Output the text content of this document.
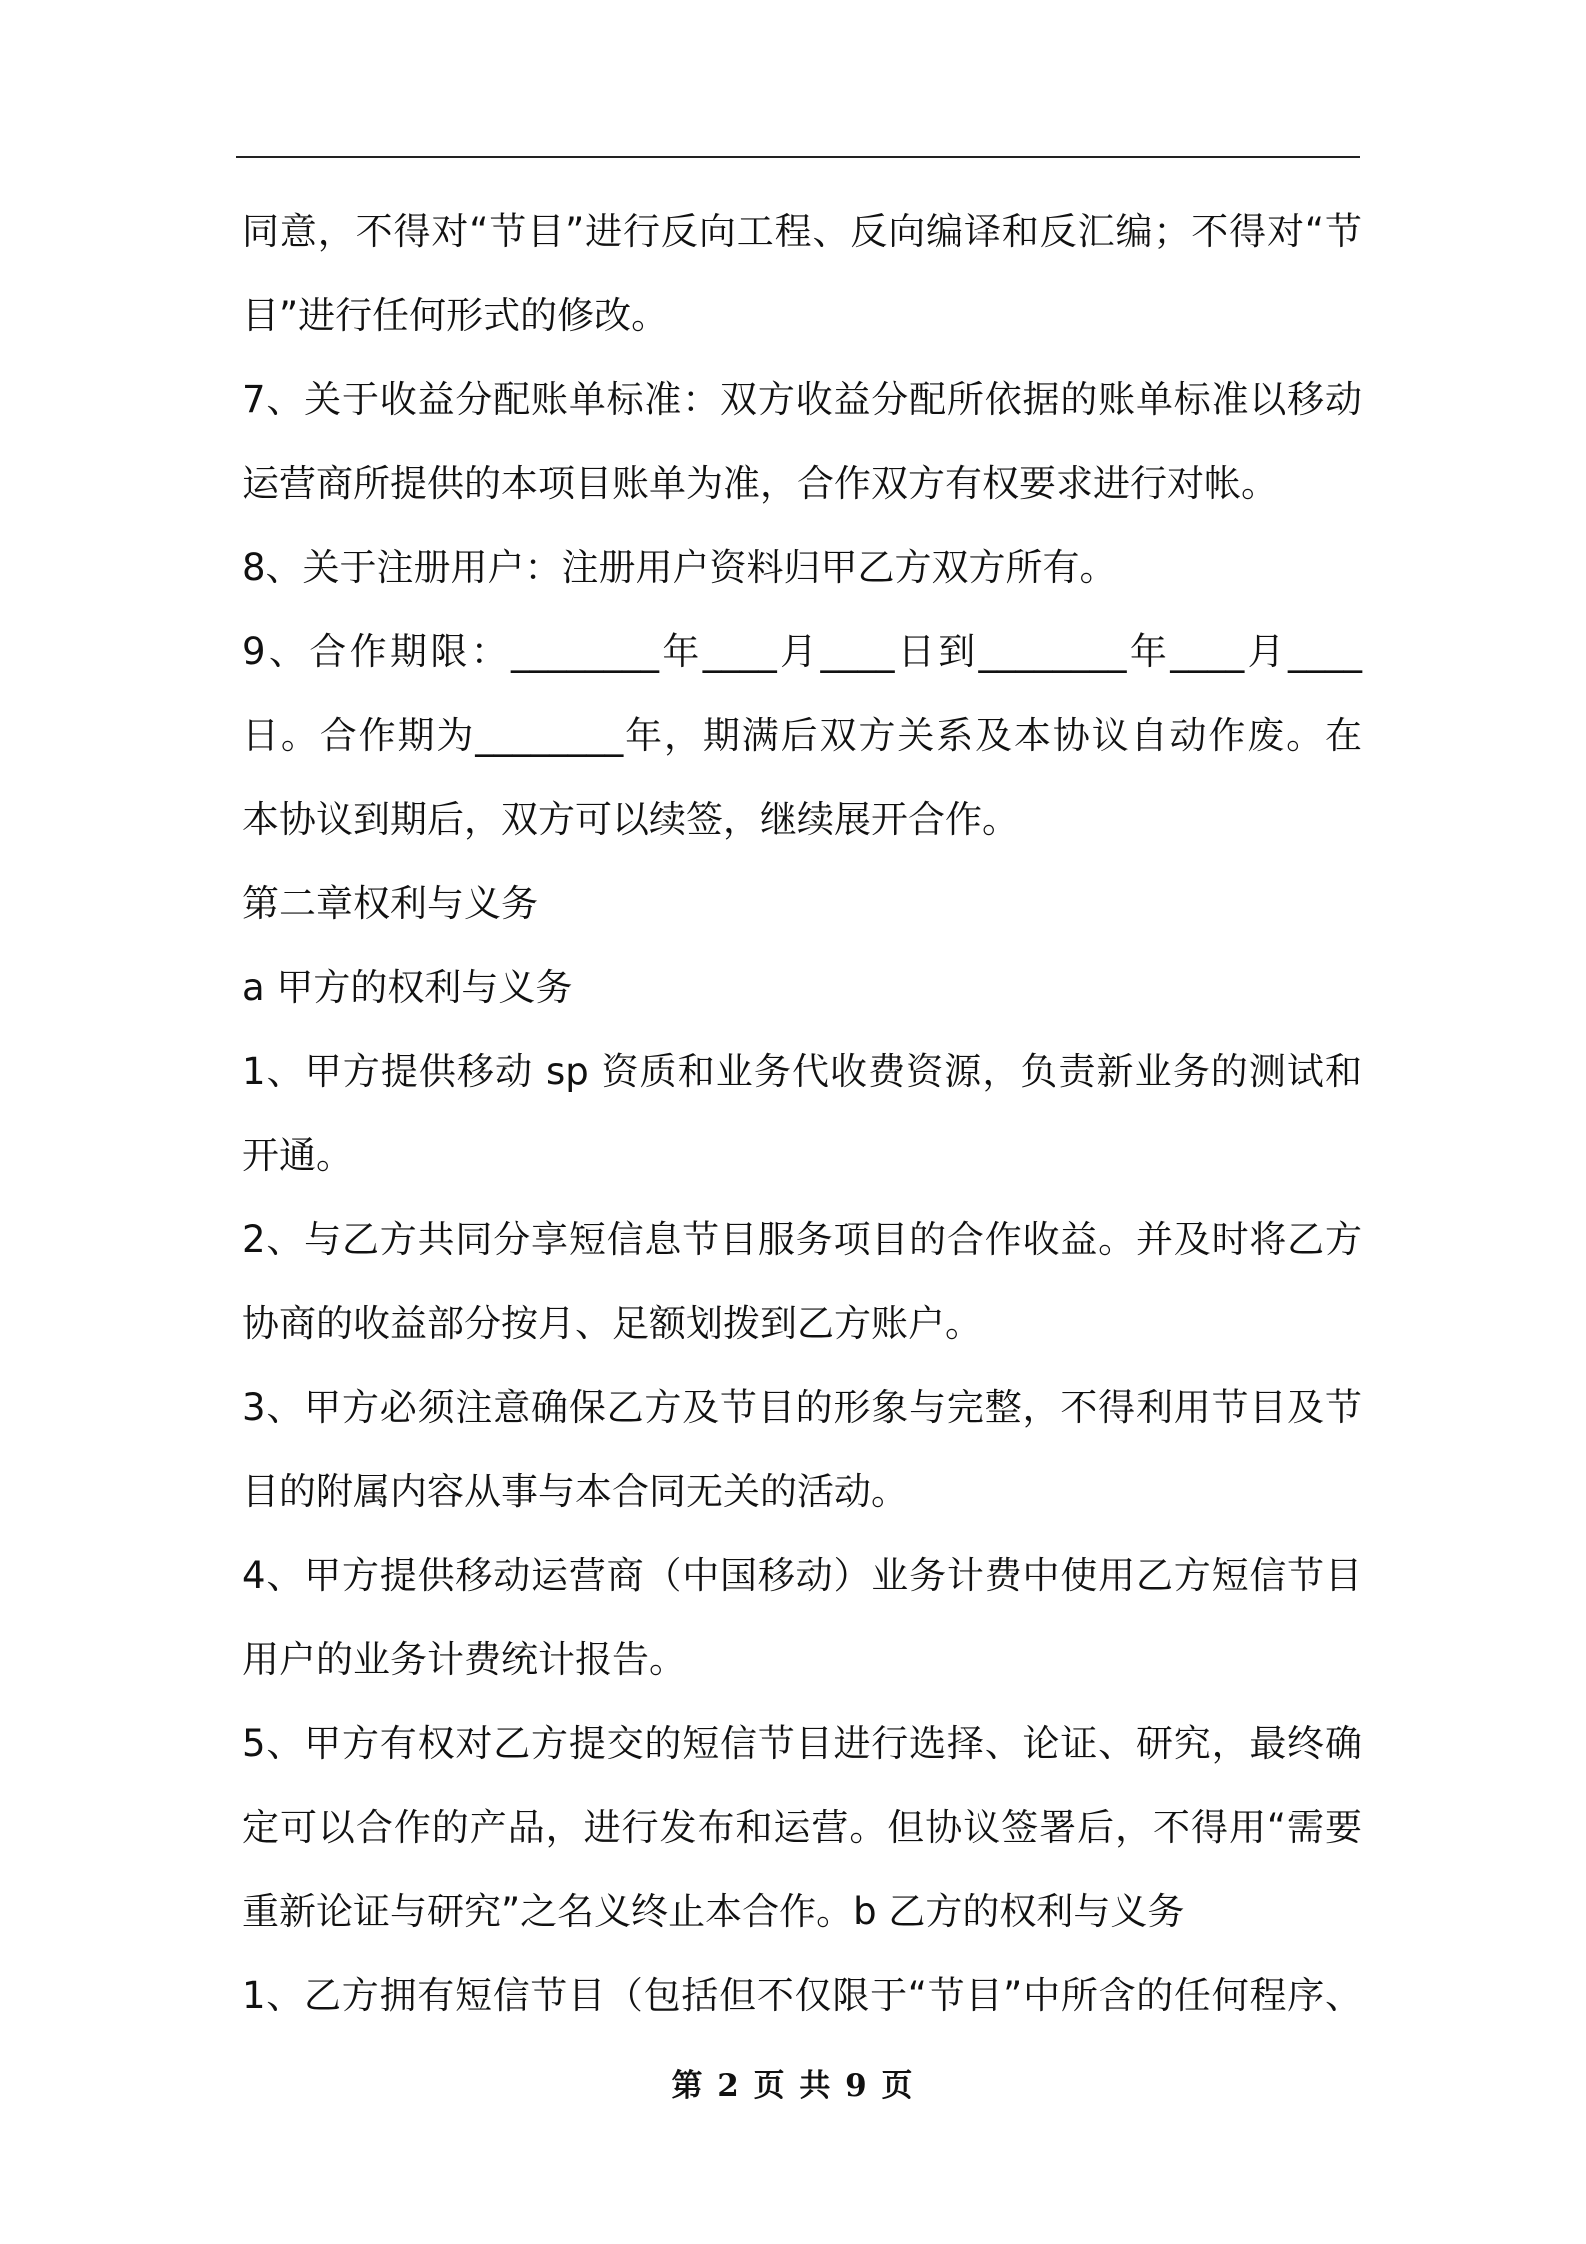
同意，不得对“节目”进行反向工程、反向编译和反汇编；不得对“节
目”进行任何形式的修改。
7、关于收益分配账单标准：双方收益分配所依据的账单标准以移动
运营商所提供的本项目账单为准，合作双方有权要求进行对帐。
8、关于注册用户：注册用户资料归甲乙方双方所有。
9、合作期限：________年____月____日到________年____月____
日。合作期为________年，期满后双方关系及本协议自动作废。在
本协议到期后，双方可以续签，继续展开合作。
第二章权利与义务
a 甲方的权利与义务
1、甲方提供移动 sp 资质和业务代收费资源，负责新业务的测试和
开通。
2、与乙方共同分享短信息节目服务项目的合作收益。并及时将乙方
协商的收益部分按月、足额划拨到乙方账户。
3、甲方必须注意确保乙方及节目的形象与完整，不得利用节目及节
目的附属内容从事与本合同无关的活动。
4、甲方提供移动运营商（中国移动）业务计费中使用乙方短信节目
用户的业务计费统计报告。
5、甲方有权对乙方提交的短信节目进行选择、论证、研究，最终确
定可以合作的产品，进行发布和运营。但协议签署后，不得用“需要
重新论证与研究”之名义终止本合作。b 乙方的权利与义务
1、乙方拥有短信节目（包括但不仅限于“节目”中所含的任何程序、
第 2 页 共 9 页
